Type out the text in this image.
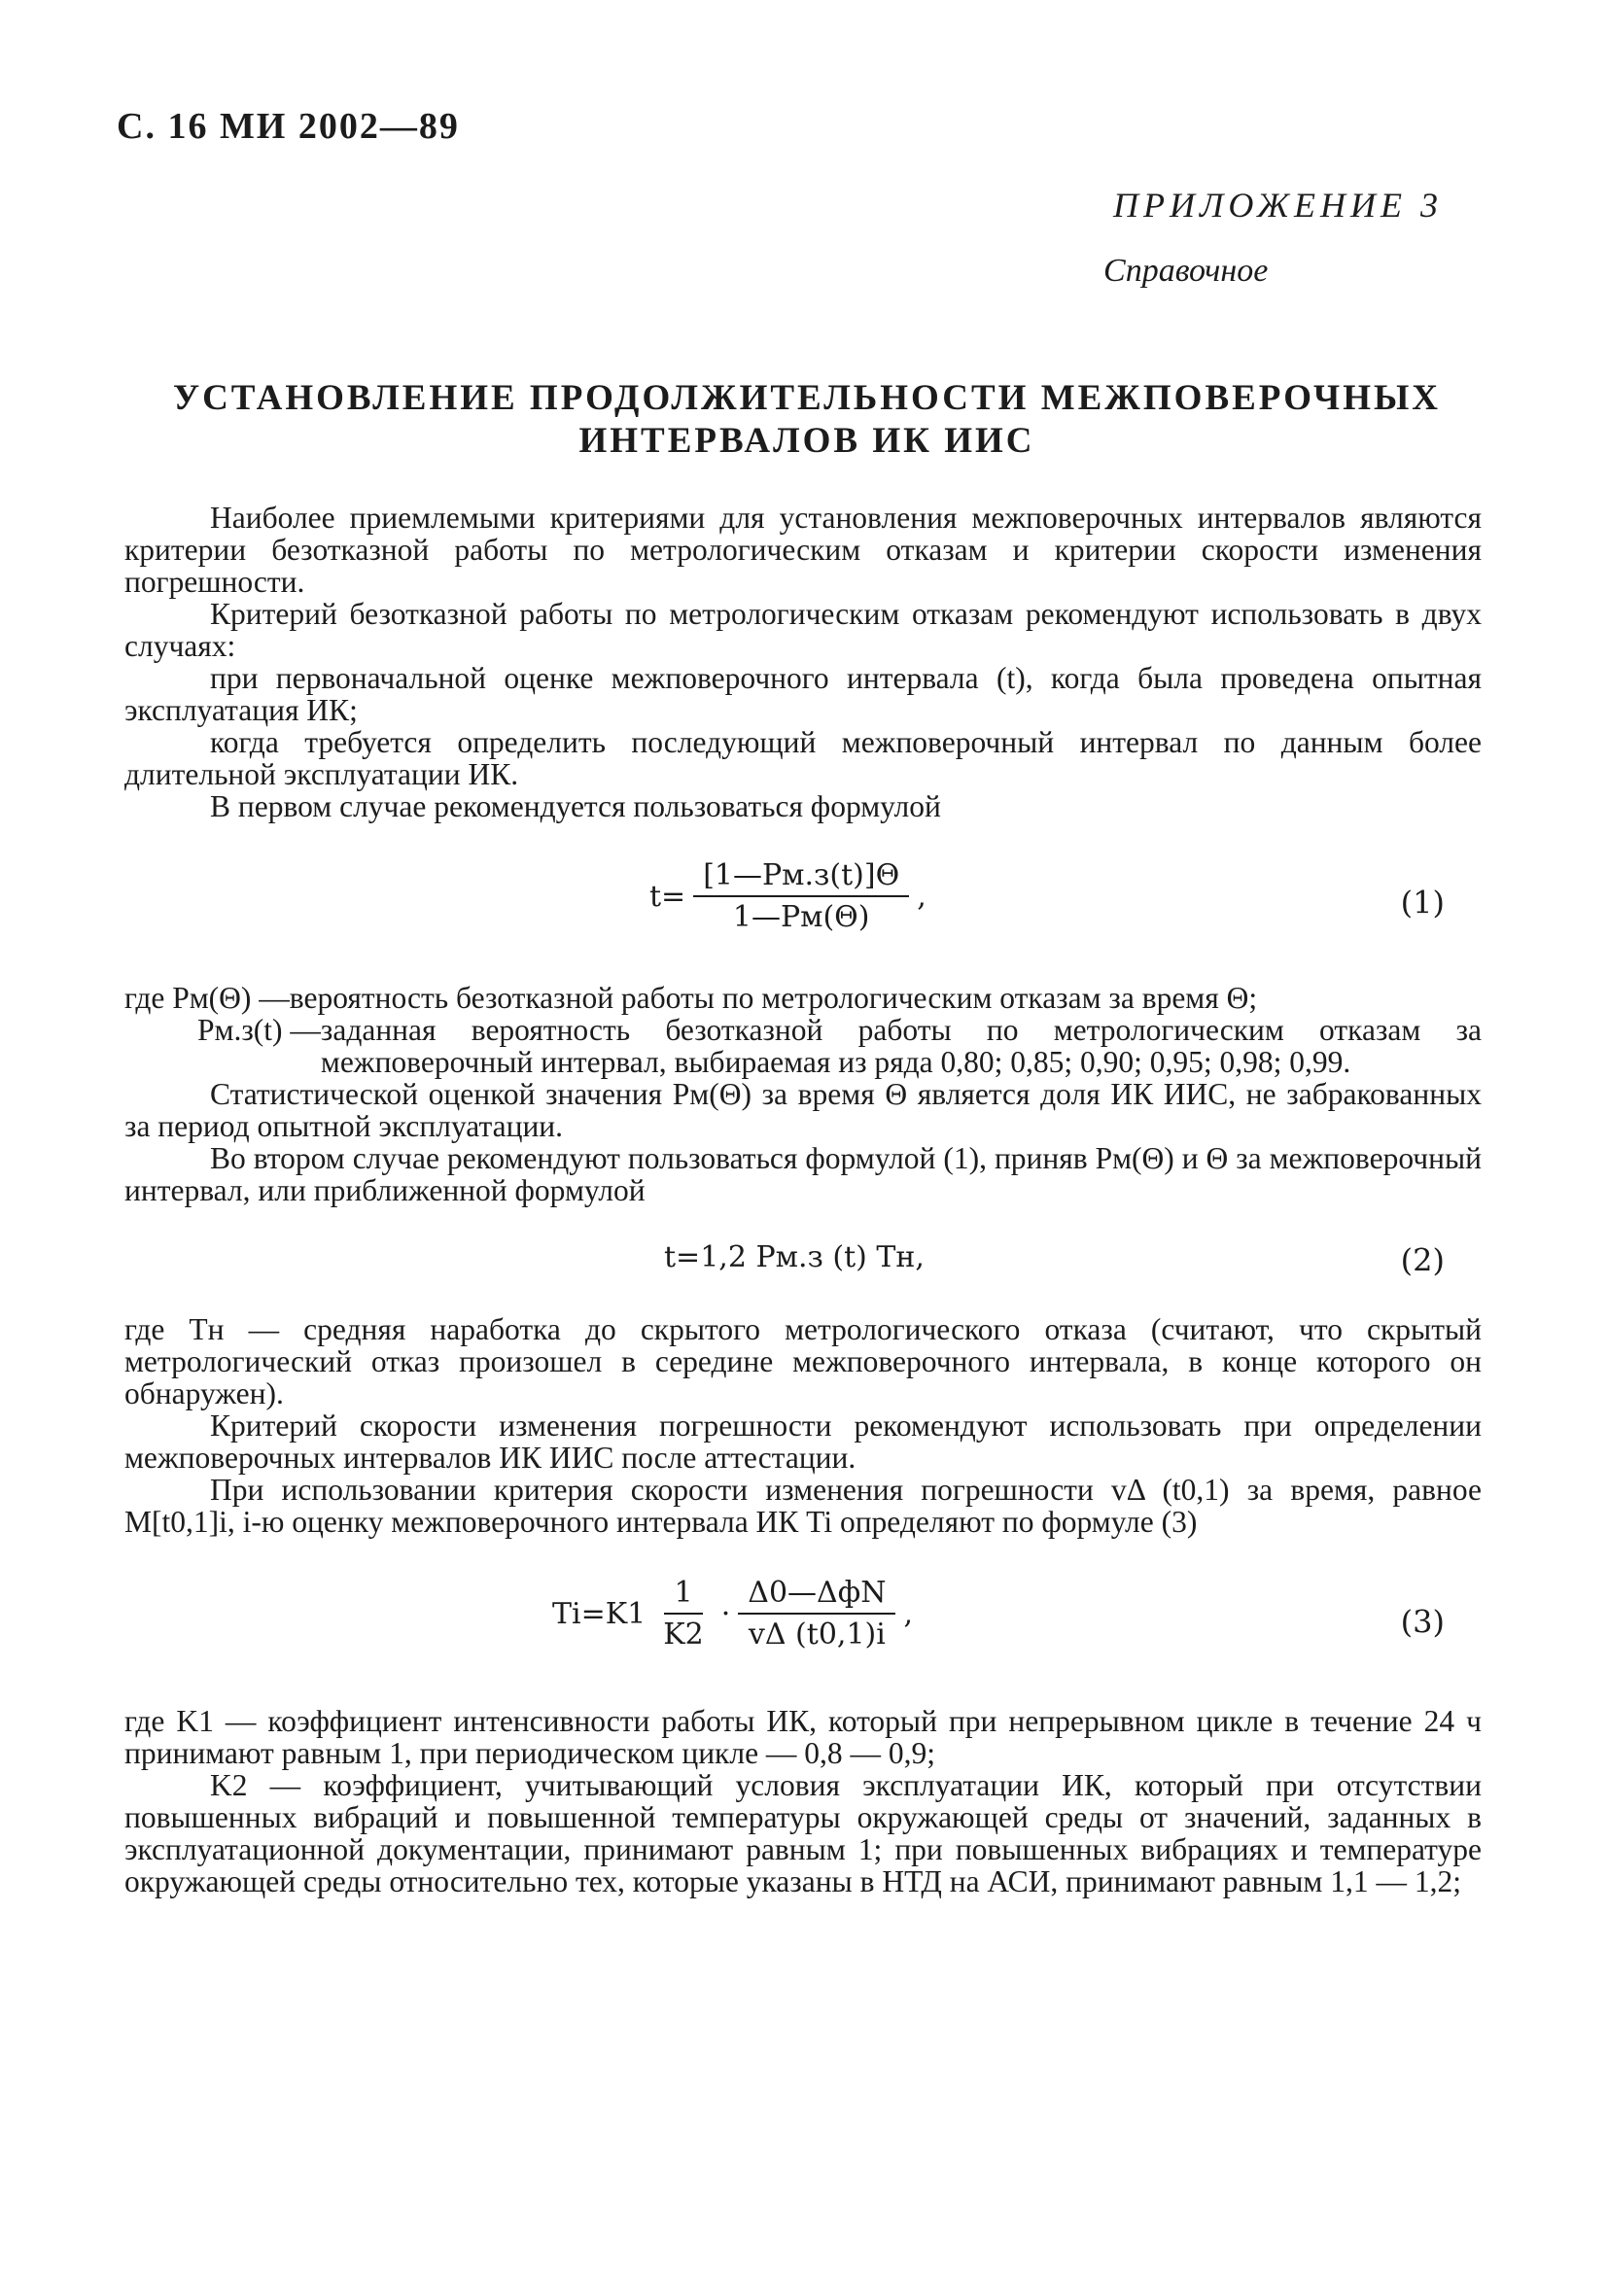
С. 16 МИ 2002—89
ПРИЛОЖЕНИЕ 3
Справочное
УСТАНОВЛЕНИЕ ПРОДОЛЖИТЕЛЬНОСТИ МЕЖПОВЕРОЧНЫХ
ИНТЕРВАЛОВ ИК ИИС

Наиболее приемлемыми критериями для установления межповерочных интервалов являются критерии безотказной работы по метрологическим отказам и критерии скорости изменения погрешности.

Критерий безотказной работы по метрологическим отказам рекомендуют использовать в двух случаях:

при первоначальной оценке межповерочного интервала (t), когда была проведена опытная эксплуатация ИК;

когда требуется определить последующий межповерочный интервал по данным более длительной эксплуатации ИК.

В первом случае рекомендуется пользоваться формулой

$t= \frac{[1—Pм.з(t)]\Theta}{1—Pм(\Theta)}$ ,	(1)
где Pм(Θ) — вероятность безотказной работы по метрологическим отказам за время Θ;
Pм.з(t) — заданная вероятность безотказной работы по метрологическим отказам за межповерочный интервал, выбираемая из ряда 0,80; 0,85; 0,90; 0,95; 0,98; 0,99.

Статистической оценкой значения Pм(Θ) за время Θ является доля ИК ИИС, не забракованных за период опытной эксплуатации.

Во втором случае рекомендуют пользоваться формулой (1), приняв Pм(Θ) и Θ за межповерочный интервал, или приближенной формулой

t=1,2 Pм.з (t) Tн,	(2)

где Tн — средняя наработка до скрытого метрологического отказа (считают, что скрытый метрологический отказ произошел в середине межповерочного интервала, в конце которого он обнаружен).

Критерий скорости изменения погрешности рекомендуют использовать при определении межповерочных интервалов ИК ИИС после аттестации.

При использовании критерия скорости изменения погрешности vΔ (t0,1) за время, равное M[t0,1]i, i-ю оценку межповерочного интервала ИК Ti определяют по формуле (3)

$Ti=K1 \frac{1}{K2} \cdot \frac{\text{Δ0—ΔфN}}{v\Delta (t0,1)i}$ ,	(3)

где K1 — коэффициент интенсивности работы ИК, который при непрерывном цикле в течение 24 ч принимают равным 1, при периодическом цикле — 0,8 — 0,9;

K2 — коэффициент, учитывающий условия эксплуатации ИК, который при отсутствии повышенных вибраций и повышенной температуры окружающей среды от значений, заданных в эксплуатационной документации, принимают равным 1; при повышенных вибрациях и температуре окружающей среды относительно тех, которые указаны в НТД на АСИ, принимают равным 1,1 — 1,2;
